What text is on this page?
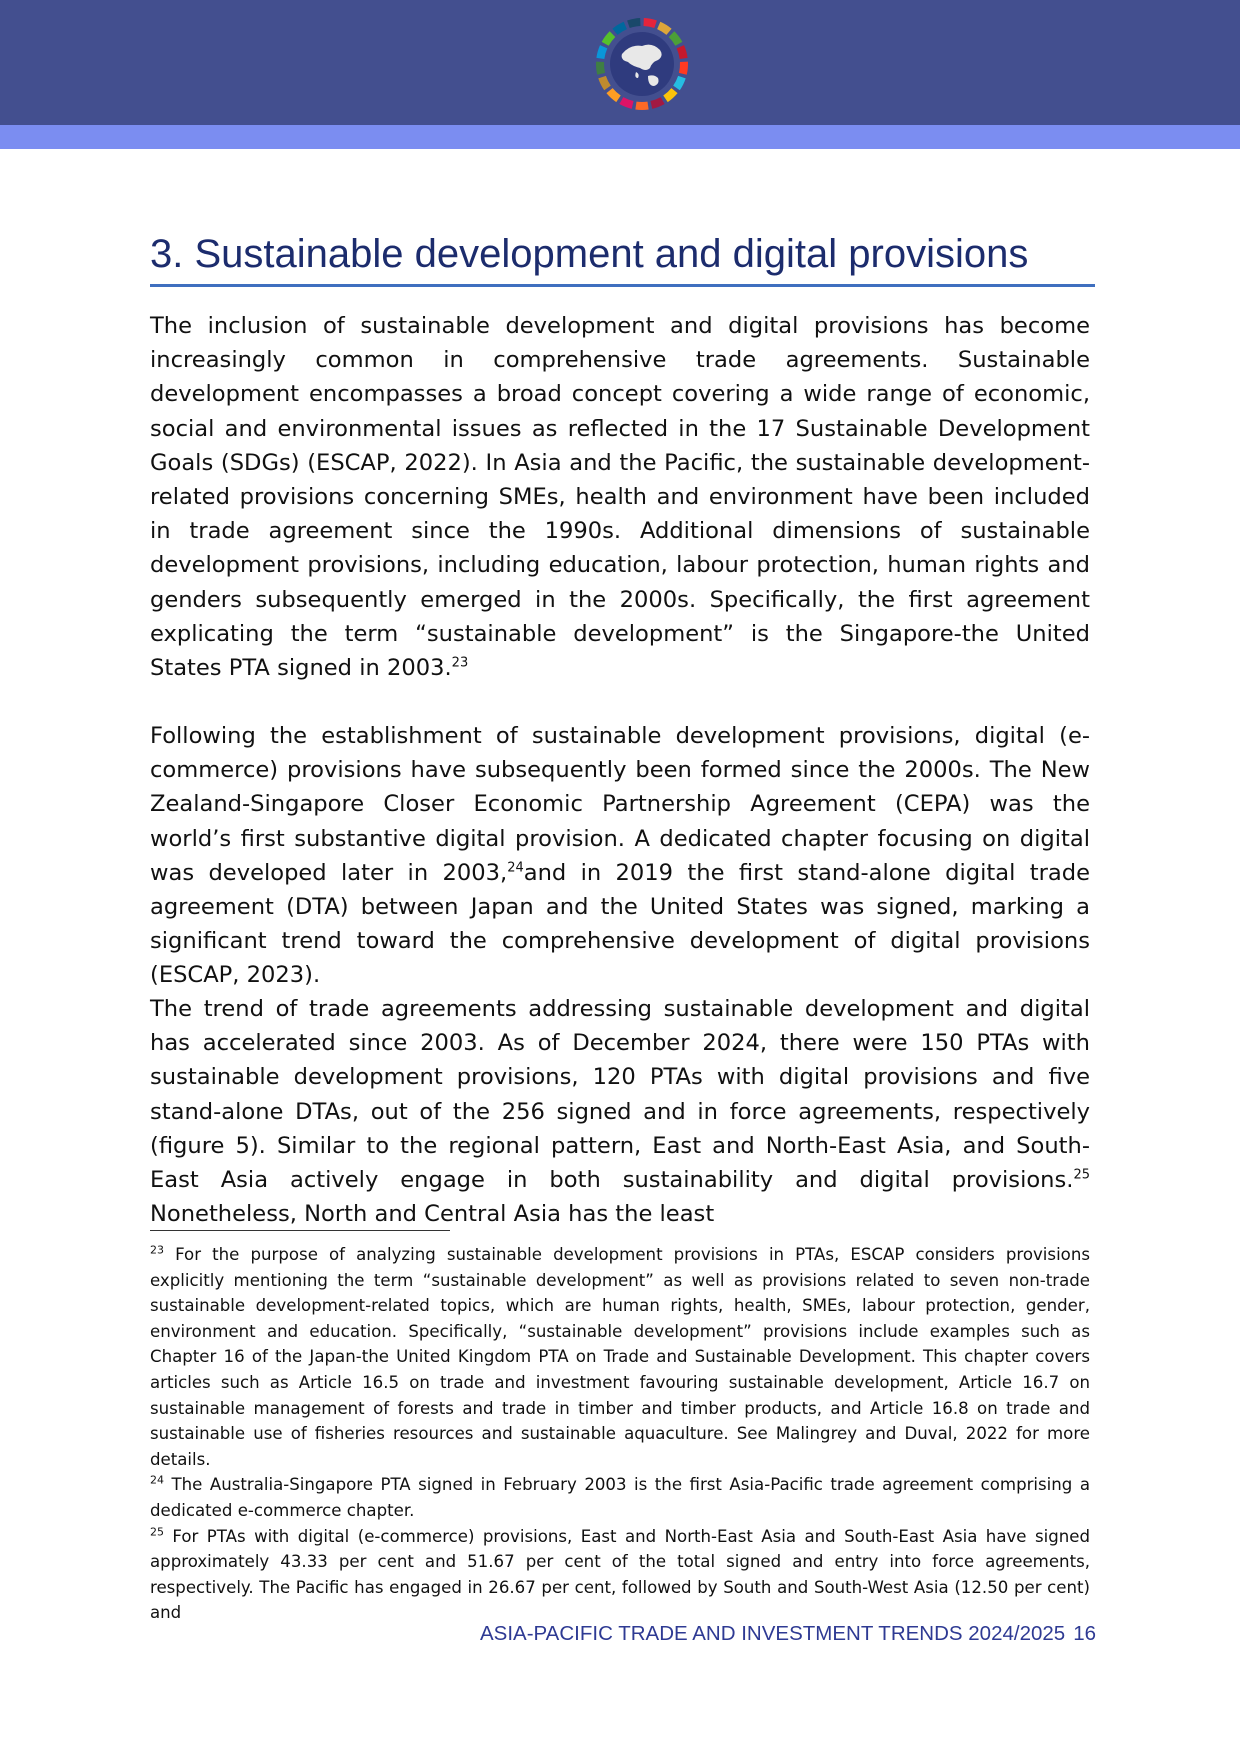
3. Sustainable development and digital provisions

The inclusion of sustainable development and digital provisions has become increasingly common in comprehensive trade agreements. Sustainable development encompasses a broad concept covering a wide range of economic, social and environmental issues as reflected in the 17 Sustainable Development Goals (SDGs) (ESCAP, 2022). In Asia and the Pacific, the sustainable development-related provisions concerning SMEs, health and environment have been included in trade agreement since the 1990s. Additional dimensions of sustainable development provisions, including education, labour protection, human rights and genders subsequently emerged in the 2000s. Specifically, the first agreement explicating the term “sustainable development” is the Singapore-the United States PTA signed in 2003.23

Following the establishment of sustainable development provisions, digital (e-commerce) provisions have subsequently been formed since the 2000s. The New Zealand-Singapore Closer Economic Partnership Agreement (CEPA) was the world’s first substantive digital provision. A dedicated chapter focusing on digital was developed later in 2003,24and in 2019 the first stand-alone digital trade agreement (DTA) between Japan and the United States was signed, marking a significant trend toward the comprehensive development of digital provisions (ESCAP, 2023).

The trend of trade agreements addressing sustainable development and digital has accelerated since 2003. As of December 2024, there were 150 PTAs with sustainable development provisions, 120 PTAs with digital provisions and five stand-alone DTAs, out of the 256 signed and in force agreements, respectively (figure 5). Similar to the regional pattern, East and North-East Asia, and South-East Asia actively engage in both sustainability and digital provisions.$^{25}$ Nonetheless, North and Central Asia has the least

$^{23}$ For the purpose of analyzing sustainable development provisions in PTAs, ESCAP considers provisions explicitly mentioning the term “sustainable development” as well as provisions related to seven non-trade sustainable development-related topics, which are human rights, health, SMEs, labour protection, gender, environment and education. Specifically, “sustainable development” provisions include examples such as Chapter 16 of the Japan-the United Kingdom PTA on Trade and Sustainable Development. This chapter covers articles such as Article 16.5 on trade and investment favouring sustainable development, Article 16.7 on sustainable management of forests and trade in timber and timber products, and Article 16.8 on trade and sustainable use of fisheries resources and sustainable aquaculture. See Malingrey and Duval, 2022 for more details.

$^{24}$ The Australia-Singapore PTA signed in February 2003 is the first Asia-Pacific trade agreement comprising a dedicated e-commerce chapter.

$^{25}$ For PTAs with digital (e-commerce) provisions, East and North-East Asia and South-East Asia have signed approximately 43.33 per cent and 51.67 per cent of the total signed and entry into force agreements, respectively. The Pacific has engaged in 26.67 per cent, followed by South and South-West Asia (12.50 per cent) and

ASIA-PACIFIC TRADE AND INVESTMENT TRENDS 2024/2025 16
